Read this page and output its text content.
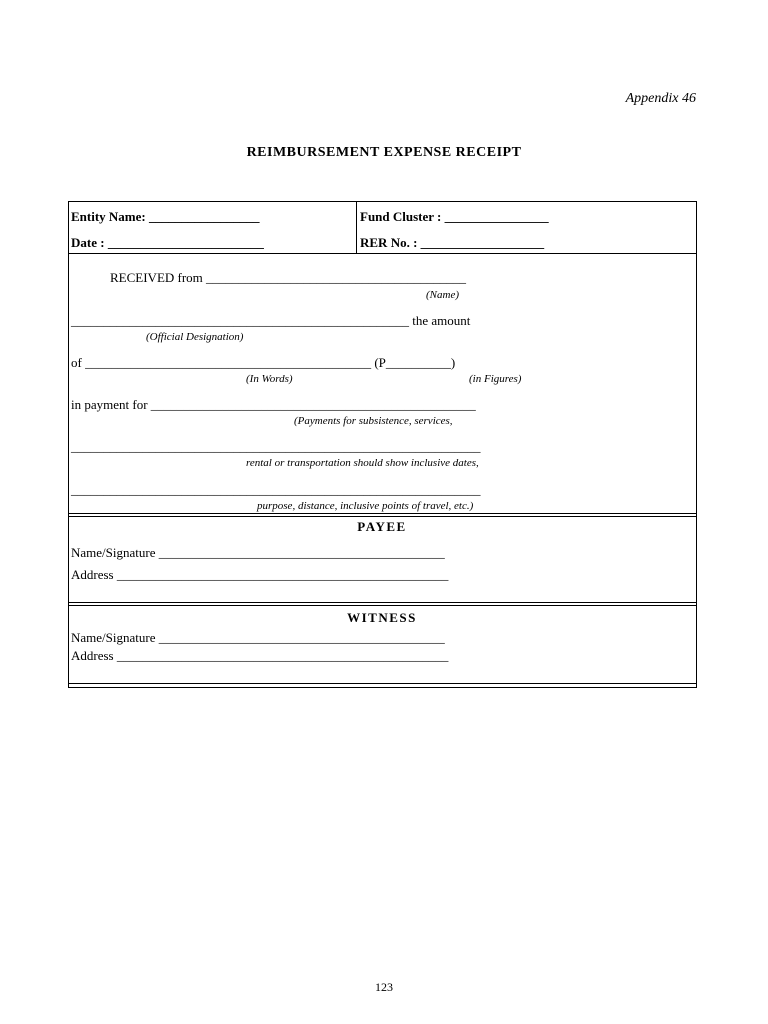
Appendix 46
REIMBURSEMENT EXPENSE RECEIPT
Entity Name: _________________
Date : ________________________
Fund Cluster : ________________
RER No. : ___________________
RECEIVED from ________________________________________
(Name)
____________________________________________________ the amount
(Official Designation)
of ____________________________________________ (P__________)
(In Words)	(in Figures)
in payment for __________________________________________________
(Payments for subsistence, services,
_______________________________________________________________
rental or transportation should show inclusive dates,
_______________________________________________________________
purpose, distance, inclusive points of travel, etc.)
PAYEE
Name/Signature ____________________________________________
Address ___________________________________________________
WITNESS
Name/Signature ____________________________________________
Address ___________________________________________________
123
